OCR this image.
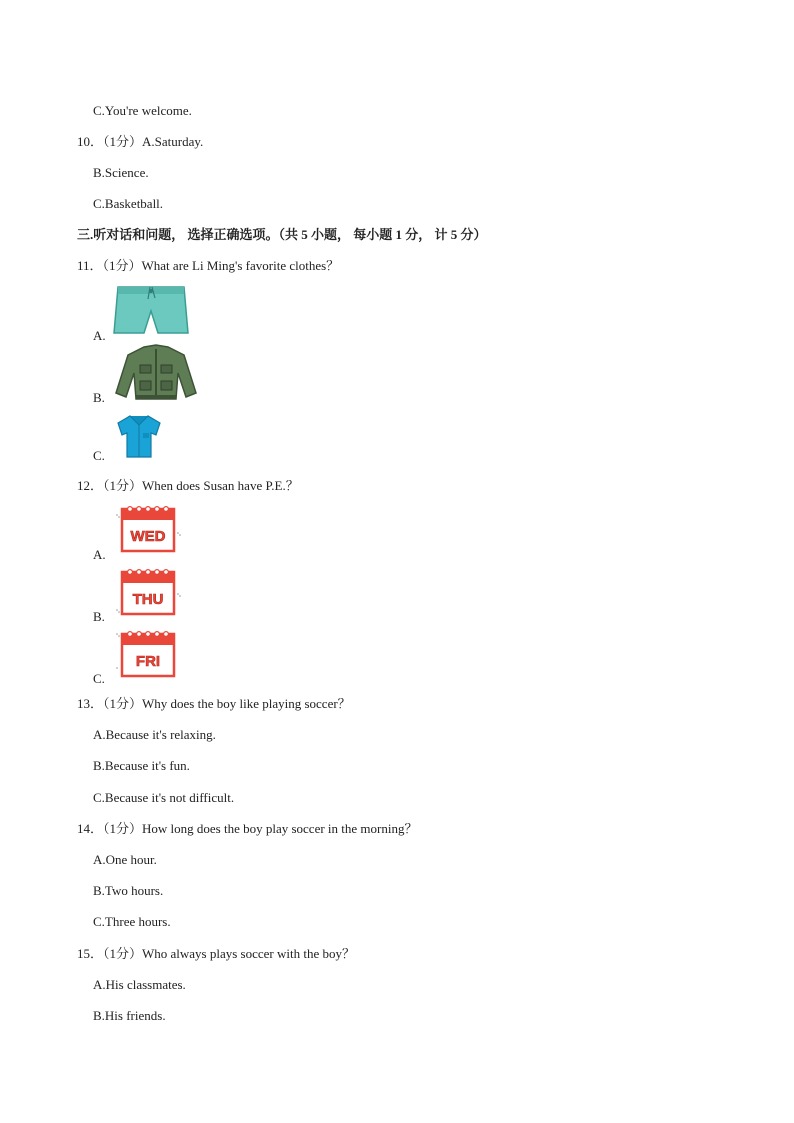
C.You're welcome.
10．（1分）A.Saturday.
B.Science.
C.Basketball.
三.听对话和问题， 选择正确选项。（共 5 小题， 每小题 1 分， 计 5 分）
11．（1分）What are Li Ming's favorite clothes？
A.
B.
C.
12．（1分）When does Susan have P.E.？
A.
WED
B.
THU
C.
FRI
13．（1分）Why does the boy like playing soccer？
A.Because it's relaxing.
B.Because it's fun.
C.Because it's not difficult.
14．（1分）How long does the boy play soccer in the morning？
A.One hour.
B.Two hours.
C.Three hours.
15．（1分）Who always plays soccer with the boy？
A.His classmates.
B.His friends.
